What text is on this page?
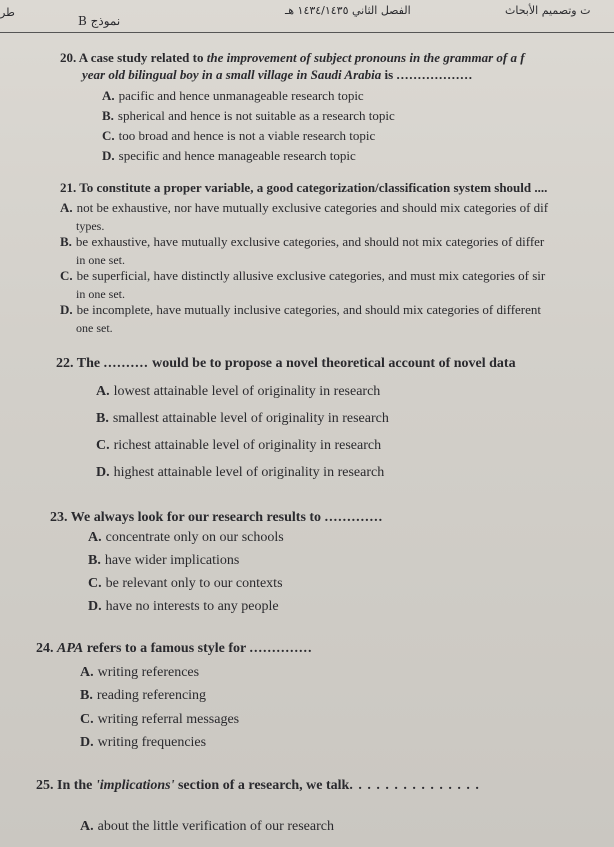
طر
B نموذج
الفصل الثاني ١٤٣٤/١٤٣٥ هـ	ت وتصميم الأبحاث
20. A case study related to the improvement of subject pronouns in the grammar of a f
year old bilingual boy in a small village in Saudi Arabia is ..................
A. pacific and hence unmanageable research topic
B. spherical and hence is not suitable as a research topic
C. too broad and hence is not a viable research topic
D. specific and hence manageable research topic
21. To constitute a proper variable, a good categorization/classification system should ....
A. not be exhaustive, nor have mutually exclusive categories and should mix categories of dif
types.
B. be exhaustive, have mutually exclusive categories, and should not mix categories of differ
in one set.
C. be superficial, have distinctly allusive exclusive categories, and must mix categories of sir
in one set.
D. be incomplete, have mutually inclusive categories, and should mix categories of different
one set.
22. The .......... would be to propose a novel theoretical account of novel data
A. lowest attainable level of originality in research
B. smallest attainable level of originality in research
C. richest attainable level of originality in research
D. highest attainable level of originality in research
23. We always look for our research results to .............
A. concentrate only on our schools
B. have wider implications
C. be relevant only to our contexts
D. have no interests to any people
24. APA refers to a famous style for ..............
A. writing references
B. reading referencing
C. writing referral messages
D. writing frequencies
25. In the 'implications' section of a research, we talk. . . . . . . . . . . . . . .
A. about the little verification of our research
